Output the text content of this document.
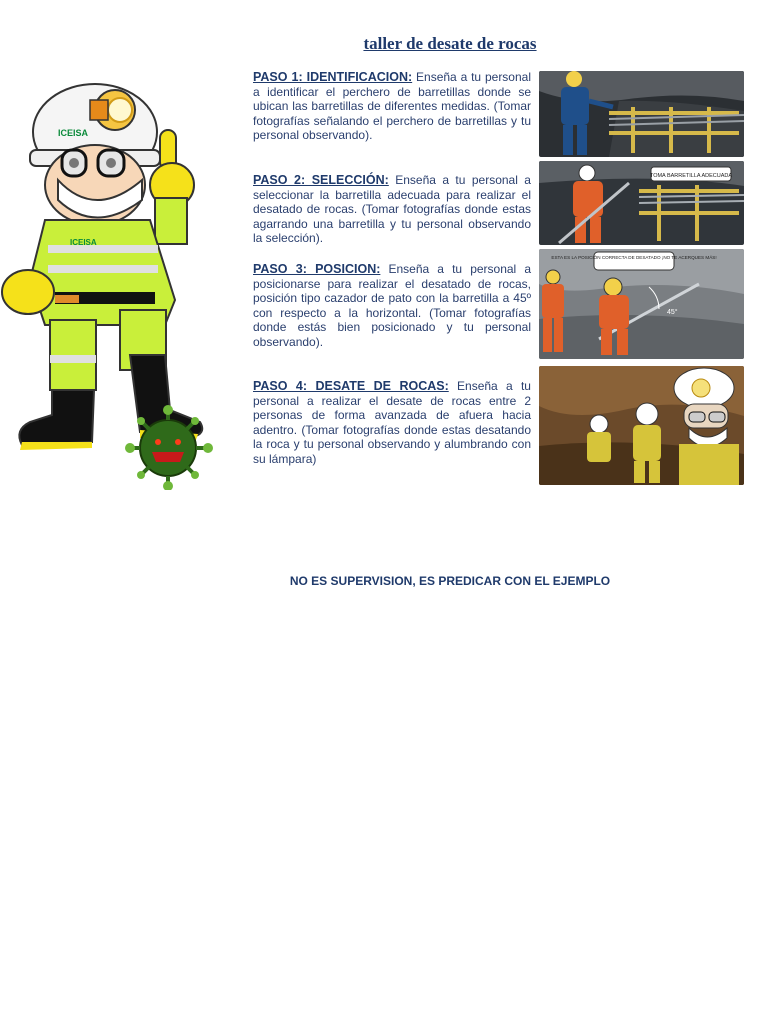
taller de desate de rocas
ICEISA
ICEISA
PASO 1: IDENTIFICACION: Enseña a tu personal a identificar el perchero de barretillas donde se ubican las barretillas de diferentes medidas. (Tomar fotografías señalando el perchero de barretillas y tu personal observando).
PASO 2: SELECCIÓN: Enseña a tu personal a seleccionar la barretilla adecuada para realizar el desatado de rocas. (Tomar fotografías donde estas agarrando una barretilla y tu personal observando la selección).
TOMA BARRETILLA ADECUADA
PASO 3: POSICION: Enseña a tu personal a posicionarse para realizar el desatado de rocas, posición tipo cazador de pato con la barretilla a 45º con respecto a la horizontal. (Tomar fotografías donde estás bien posicionado y tu personal observando).
ESTA ES LA POSICIÓN CORRECTA DE DESATADO ¡NO TE ACERQUES MÁS!
45°
PASO 4: DESATE DE ROCAS: Enseña a tu personal a realizar el desate de rocas entre 2 personas de forma avanzada de afuera hacia adentro. (Tomar fotografías donde estas desatando la roca y tu personal observando y alumbrando con su lámpara)
NO ES SUPERVISION, ES PREDICAR CON EL EJEMPLO
